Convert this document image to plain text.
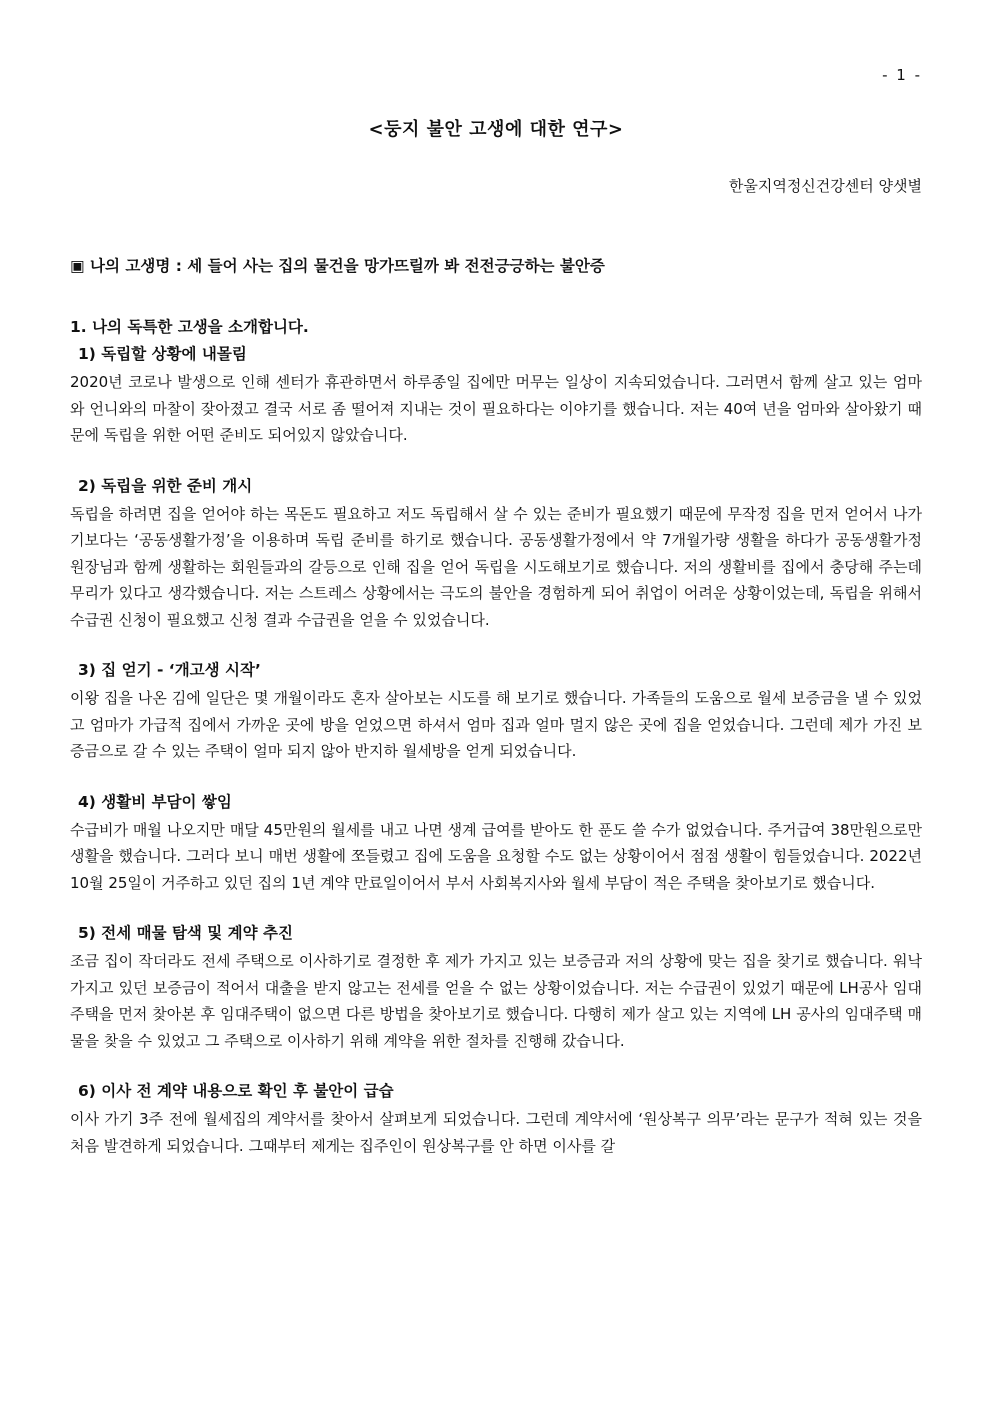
- 1 -
<둥지 불안 고생에 대한 연구>
한울지역정신건강센터 양샛별
▣ 나의 고생명 : 세 들어 사는 집의 물건을 망가뜨릴까 봐 전전긍긍하는 불안증
1. 나의 독특한 고생을 소개합니다.
1) 독립할 상황에 내몰림
2020년 코로나 발생으로 인해 센터가 휴관하면서 하루종일 집에만 머무는 일상이 지속되었습니다. 그러면서 함께 살고 있는 엄마와 언니와의 마찰이 잦아졌고 결국 서로 좀 떨어져 지내는 것이 필요하다는 이야기를 했습니다. 저는 40여 년을 엄마와 살아왔기 때문에 독립을 위한 어떤 준비도 되어있지 않았습니다.
2) 독립을 위한 준비 개시
독립을 하려면 집을 얻어야 하는 목돈도 필요하고 저도 독립해서 살 수 있는 준비가 필요했기 때문에 무작정 집을 먼저 얻어서 나가기보다는 ‘공동생활가정’을 이용하며 독립 준비를 하기로 했습니다. 공동생활가정에서 약 7개월가량 생활을 하다가 공동생활가정 원장님과 함께 생활하는 회원들과의 갈등으로 인해 집을 얻어 독립을 시도해보기로 했습니다. 저의 생활비를 집에서 충당해 주는데 무리가 있다고 생각했습니다. 저는 스트레스 상황에서는 극도의 불안을 경험하게 되어 취업이 어려운 상황이었는데, 독립을 위해서 수급권 신청이 필요했고 신청 결과 수급권을 얻을 수 있었습니다.
3) 집 얻기 - ‘개고생 시작’
이왕 집을 나온 김에 일단은 몇 개월이라도 혼자 살아보는 시도를 해 보기로 했습니다. 가족들의 도움으로 월세 보증금을 낼 수 있었고 엄마가 가급적 집에서 가까운 곳에 방을 얻었으면 하셔서 엄마 집과 얼마 멀지 않은 곳에 집을 얻었습니다. 그런데 제가 가진 보증금으로 갈 수 있는 주택이 얼마 되지 않아 반지하 월세방을 얻게 되었습니다.
4) 생활비 부담이 쌓임
수급비가 매월 나오지만 매달 45만원의 월세를 내고 나면 생계 급여를 받아도 한 푼도 쓸 수가 없었습니다. 주거급여 38만원으로만 생활을 했습니다. 그러다 보니 매번 생활에 쪼들렸고 집에 도움을 요청할 수도 없는 상황이어서 점점 생활이 힘들었습니다. 2022년 10월 25일이 거주하고 있던 집의 1년 계약 만료일이어서 부서 사회복지사와 월세 부담이 적은 주택을 찾아보기로 했습니다.
5) 전세 매물 탐색 및 계약 추진
조금 집이 작더라도 전세 주택으로 이사하기로 결정한 후 제가 가지고 있는 보증금과 저의 상황에 맞는 집을 찾기로 했습니다. 워낙 가지고 있던 보증금이 적어서 대출을 받지 않고는 전세를 얻을 수 없는 상황이었습니다. 저는 수급권이 있었기 때문에 LH공사 임대주택을 먼저 찾아본 후 임대주택이 없으면 다른 방법을 찾아보기로 했습니다. 다행히 제가 살고 있는 지역에 LH 공사의 임대주택 매물을 찾을 수 있었고 그 주택으로 이사하기 위해 계약을 위한 절차를 진행해 갔습니다.
6) 이사 전 계약 내용으로 확인 후 불안이 급습
이사 가기 3주 전에 월세집의 계약서를 찾아서 살펴보게 되었습니다. 그런데 계약서에 ‘원상복구 의무’라는 문구가 적혀 있는 것을 처음 발견하게 되었습니다. 그때부터 제게는 집주인이 원상복구를 안 하면 이사를 갈
